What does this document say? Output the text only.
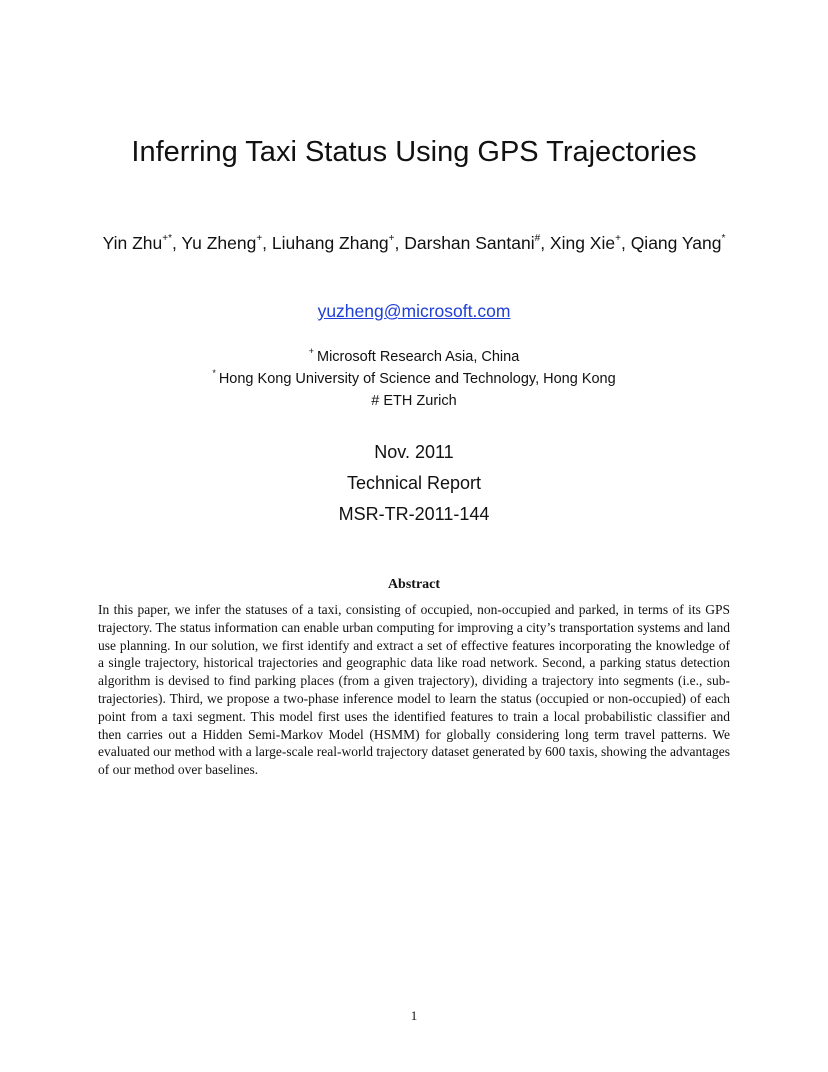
Inferring Taxi Status Using GPS Trajectories
Yin Zhu+*, Yu Zheng+, Liuhang Zhang+, Darshan Santani#, Xing Xie+, Qiang Yang*
yuzheng@microsoft.com
+ Microsoft Research Asia, China
* Hong Kong University of Science and Technology, Hong Kong
# ETH Zurich
Nov. 2011
Technical Report
MSR-TR-2011-144
Abstract

In this paper, we infer the statuses of a taxi, consisting of occupied, non-occupied and parked, in terms of its GPS trajectory. The status information can enable urban computing for improving a city’s transportation systems and land use planning. In our solution, we first identify and extract a set of effective features incorporating the knowledge of a single trajectory, historical trajectories and geographic data like road network. Second, a parking status detection algorithm is devised to find parking places (from a given trajectory), dividing a trajectory into segments (i.e., sub-trajectories). Third, we propose a two-phase inference model to learn the status (occupied or non-occupied) of each point from a taxi segment. This model first uses the identified features to train a local probabilistic classifier and then carries out a Hidden Semi-Markov Model (HSMM) for globally considering long term travel patterns. We evaluated our method with a large-scale real-world trajectory dataset generated by 600 taxis, showing the advantages of our method over baselines.

1
